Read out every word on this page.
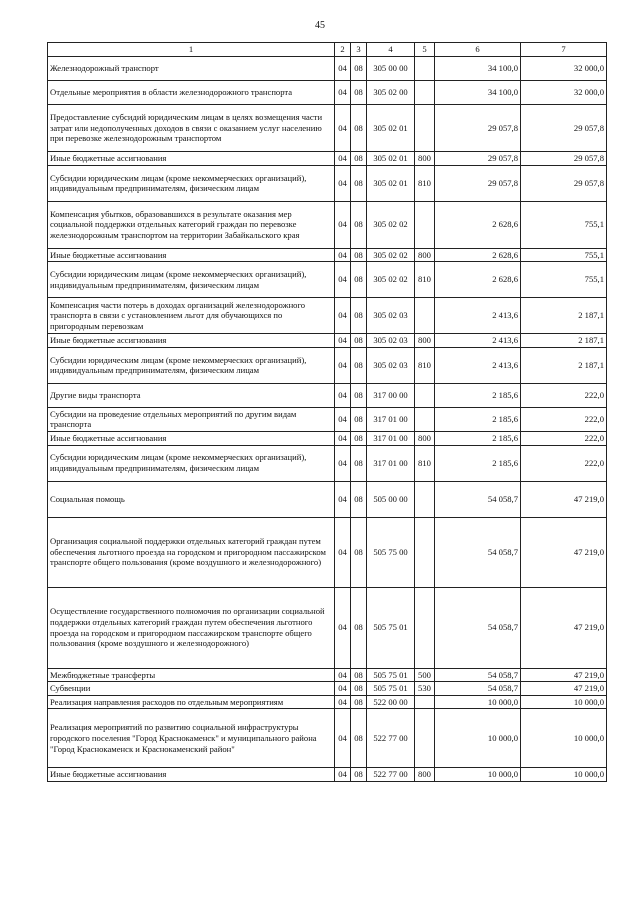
45
1	2	3	4	5	6	7
Железнодорожный транспорт	04	08	305 00 00		34 100,0	32 000,0
Отдельные мероприятия в области железнодорожного транспорта	04	08	305 02 00		34 100,0	32 000,0
Предоставление субсидий юридическим лицам в целях возмещения части затрат или недополученных доходов в связи с оказанием услуг населению при перевозке железнодорожным транспортом	04	08	305 02 01		29 057,8	29 057,8
Иные бюджетные ассигнования	04	08	305 02 01	800	29 057,8	29 057,8
Субсидии юридическим лицам (кроме некоммерческих организаций), индивидуальным предпринимателям, физическим лицам	04	08	305 02 01	810	29 057,8	29 057,8
Компенсация убытков, образовавшихся в результате оказания мер социальной поддержки отдельных категорий граждан по перевозке железнодорожным транспортом на территории Забайкальского края	04	08	305 02 02		2 628,6	755,1
Иные бюджетные ассигнования	04	08	305 02 02	800	2 628,6	755,1
Субсидии юридическим лицам (кроме некоммерческих организаций), индивидуальным предпринимателям, физическим лицам	04	08	305 02 02	810	2 628,6	755,1
Компенсация части потерь в доходах организаций железнодорожного транспорта в связи с установлением льгот для обучающихся по пригородным перевозкам	04	08	305 02 03		2 413,6	2 187,1
Иные бюджетные ассигнования	04	08	305 02 03	800	2 413,6	2 187,1
Субсидии юридическим лицам (кроме некоммерческих организаций), индивидуальным предпринимателям, физическим лицам	04	08	305 02 03	810	2 413,6	2 187,1
Другие виды транспорта	04	08	317 00 00		2 185,6	222,0
Субсидии на проведение отдельных мероприятий по другим видам транспорта	04	08	317 01 00		2 185,6	222,0
Иные бюджетные ассигнования	04	08	317 01 00	800	2 185,6	222,0
Субсидии юридическим лицам (кроме некоммерческих организаций), индивидуальным предпринимателям, физическим лицам	04	08	317 01 00	810	2 185,6	222,0
Социальная помощь	04	08	505 00 00		54 058,7	47 219,0
Организация социальной поддержки отдельных категорий граждан путем обеспечения льготного проезда на городском и пригородном пассажирском транспорте общего пользования (кроме воздушного и железнодорожного)	04	08	505 75 00		54 058,7	47 219,0
Осуществление государственного полномочия по организации социальной поддержки отдельных категорий граждан путем обеспечения льготного проезда на городском и пригородном пассажирском транспорте общего пользования (кроме воздушного и железнодорожного)	04	08	505 75 01		54 058,7	47 219,0
Межбюджетные трансферты	04	08	505 75 01	500	54 058,7	47 219,0
Субвенции	04	08	505 75 01	530	54 058,7	47 219,0
Реализация направления расходов по отдельным мероприятиям	04	08	522 00 00		10 000,0	10 000,0
Реализация мероприятий по развитию социальной инфраструктуры городского поселения "Город Краснокаменск" и муниципального района "Город Краснокаменск и Краснокаменский район"	04	08	522 77 00		10 000,0	10 000,0
Иные бюджетные ассигнования	04	08	522 77 00	800	10 000,0	10 000,0
